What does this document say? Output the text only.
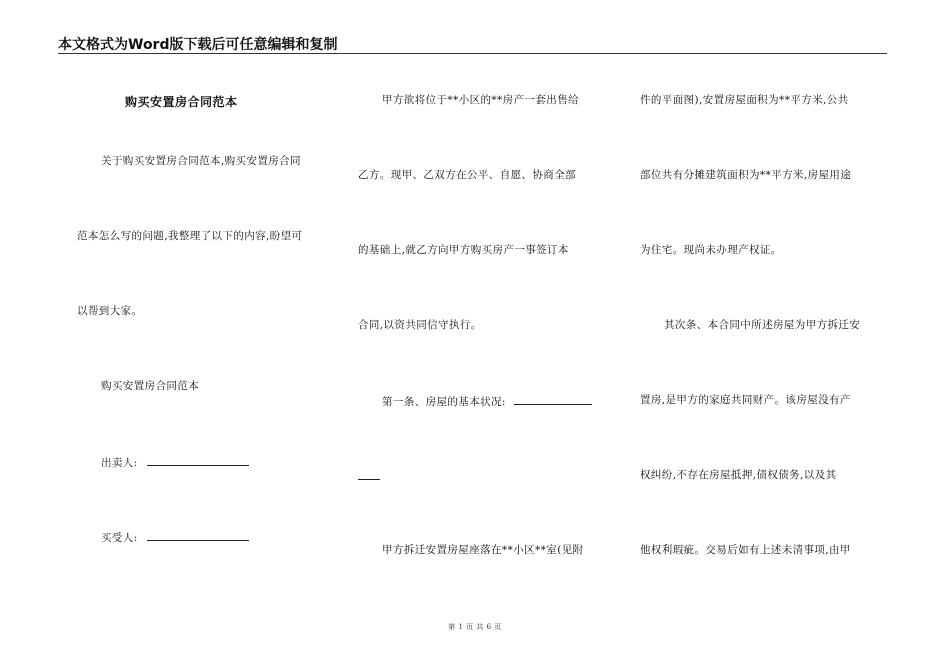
本文格式为Word版下载后可任意编辑和复制
购买安置房合同范本
关于购买安置房合同范本,购买安置房合同
范本怎么写的问题,我整理了以下的内容,盼望可
以帮到大家。
购买安置房合同范本
出卖人:
买受人:
甲方欲将位于**小区的**房产一套出售给
乙方。现甲、乙双方在公平、自愿、协商全部
的基础上,就乙方向甲方购买房产一事签订本
合同,以资共同信守执行。
第一条、房屋的基本状况:
甲方拆迁安置房屋座落在**小区**室(见附
件的平面图),安置房屋面积为**平方米,公共
部位共有分摊建筑面积为**平方米,房屋用途
为住宅。现尚未办理产权证。
其次条、本合同中所述房屋为甲方拆迁安
置房,是甲方的家庭共同财产。该房屋没有产
权纠纷,不存在房屋抵押,债权债务,以及其
他权利瑕疵。交易后如有上述未清事项,由甲
第 1 页 共 6 页
